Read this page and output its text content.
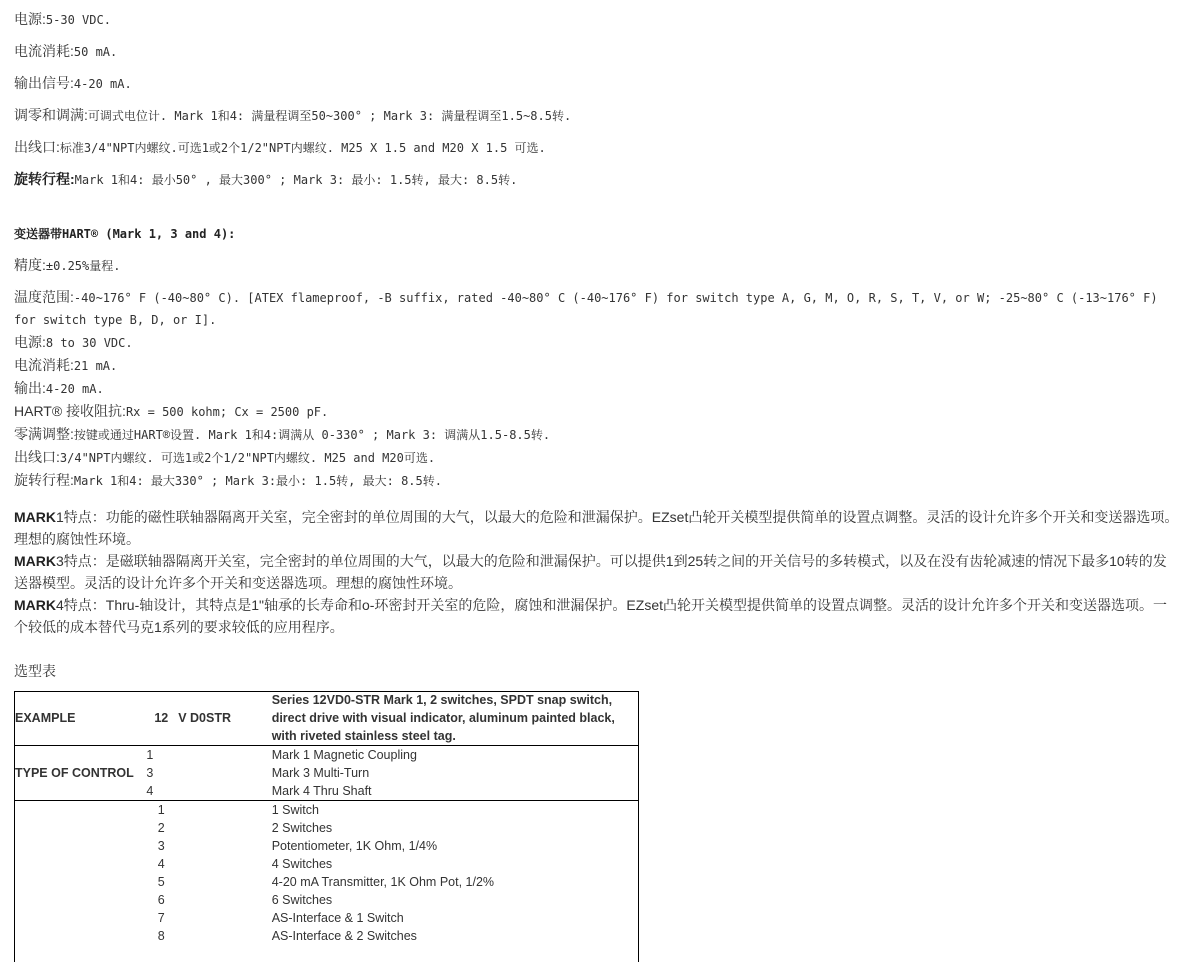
电源:5-30 VDC.

电流消耗:50 mA.

输出信号:4-20 mA.

调零和调满:可调式电位计. Mark 1和4: 满量程调至50~300° ; Mark 3: 满量程调至1.5~8.5转.

出线口:标准3/4"NPT内螺纹.可选1或2个1/2"NPT内螺纹. M25 X 1.5 and M20 X 1.5 可选.

旋转行程:Mark 1和4: 最小50° , 最大300° ; Mark 3: 最小: 1.5转, 最大: 8.5转.

变送器带HART® (Mark 1, 3 and 4):

精度:±0.25%量程.

温度范围:-40~176° F (-40~80° C). [ATEX flameproof, -B suffix, rated -40~80° C (-40~176° F) for switch type A, G, M, O, R, S, T, V, or W; -25~80° C (-13~176° F) for switch type B, D, or I].

电源:8 to 30 VDC.

电流消耗:21 mA.

输出:4-20 mA.

HART® 接收阻抗:Rx = 500 kohm; Cx = 2500 pF.

零满调整:按键或通过HART®设置. Mark 1和4:调满从 0-330° ; Mark 3: 调满从1.5-8.5转.

出线口:3/4"NPT内螺纹. 可选1或2个1/2"NPT内螺纹. M25 and M20可选.

旋转行程:Mark 1和4: 最大330° ; Mark 3:最小: 1.5转, 最大: 8.5转.

MARK1特点：功能的磁性联轴器隔离开关室，完全密封的单位周围的大气，以最大的危险和泄漏保护。EZset凸轮开关模型提供简单的设置点调整。灵活的设计允许多个开关和变送器选项。理想的腐蚀性环境。

MARK3特点：是磁联轴器隔离开关室，完全密封的单位周围的大气，以最大的危险和泄漏保护。可以提供1到25转之间的开关信号的多转模式，以及在没有齿轮减速的情况下最多10转的发送器模型。灵活的设计允许多个开关和变送器选项。理想的腐蚀性环境。

MARK4特点：Thru-轴设计，其特点是1"轴承的长寿命和o-环密封开关室的危险，腐蚀和泄漏保护。EZset凸轮开关模型提供简单的设置点调整。灵活的设计允许多个开关和变送器选项。一个较低的成本替代马克1系列的要求较低的应用程序。

选型表

EXAMPLE	12	V D0STR	Series 12VD0-STR Mark 1, 2 switches, SPDT snap switch, direct drive with visual indicator, aluminum painted black, with riveted stainless steel tag.
TYPE OF CONTROL	1		Mark 1 Magnetic Coupling
	3		Mark 3 Multi-Turn
	4		Mark 4 Thru Shaft
	1		1 Switch
	2		2 Switches
	3		Potentiometer, 1K Ohm, 1/4%
	4		4 Switches
	5		4-20 mA Transmitter, 1K Ohm Pot, 1/2%
	6		6 Switches
	7		AS-Interface & 1 Switch
	8		AS-Interface & 2 Switches
